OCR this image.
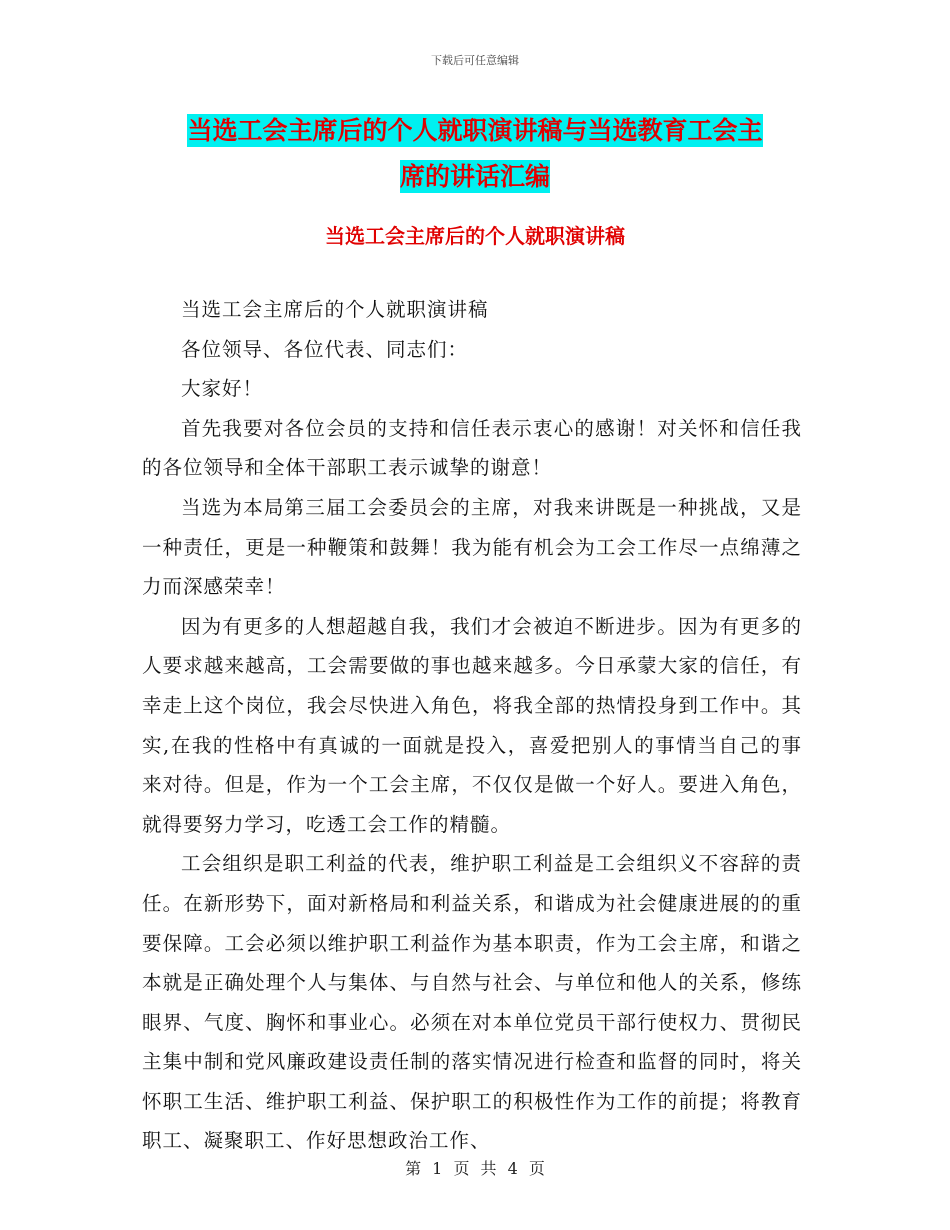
下载后可任意编辑
当选工会主席后的个人就职演讲稿与当选教育工会主
席的讲话汇编
当选工会主席后的个人就职演讲稿

当选工会主席后的个人就职演讲稿

各位领导、各位代表、同志们：

大家好！

首先我要对各位会员的支持和信任表示衷心的感谢！对关怀和信任我的各位领导和全体干部职工表示诚挚的谢意！

当选为本局第三届工会委员会的主席，对我来讲既是一种挑战，又是一种责任，更是一种鞭策和鼓舞！我为能有机会为工会工作尽一点绵薄之力而深感荣幸！

因为有更多的人想超越自我，我们才会被迫不断进步。因为有更多的人要求越来越高，工会需要做的事也越来越多。今日承蒙大家的信任，有幸走上这个岗位，我会尽快进入角色，将我全部的热情投身到工作中。其实,在我的性格中有真诚的一面就是投入，喜爱把别人的事情当自己的事来对待。但是，作为一个工会主席，不仅仅是做一个好人。要进入角色，就得要努力学习，吃透工会工作的精髓。

工会组织是职工利益的代表，维护职工利益是工会组织义不容辞的责任。在新形势下，面对新格局和利益关系，和谐成为社会健康进展的的重要保障。工会必须以维护职工利益作为基本职责，作为工会主席，和谐之本就是正确处理个人与集体、与自然与社会、与单位和他人的关系，修练眼界、气度、胸怀和事业心。必须在对本单位党员干部行使权力、贯彻民主集中制和党风廉政建设责任制的落实情况进行检查和监督的同时，将关怀职工生活、维护职工利益、保护职工的积极性作为工作的前提；将教育职工、凝聚职工、作好思想政治工作、

第 1 页 共 4 页
